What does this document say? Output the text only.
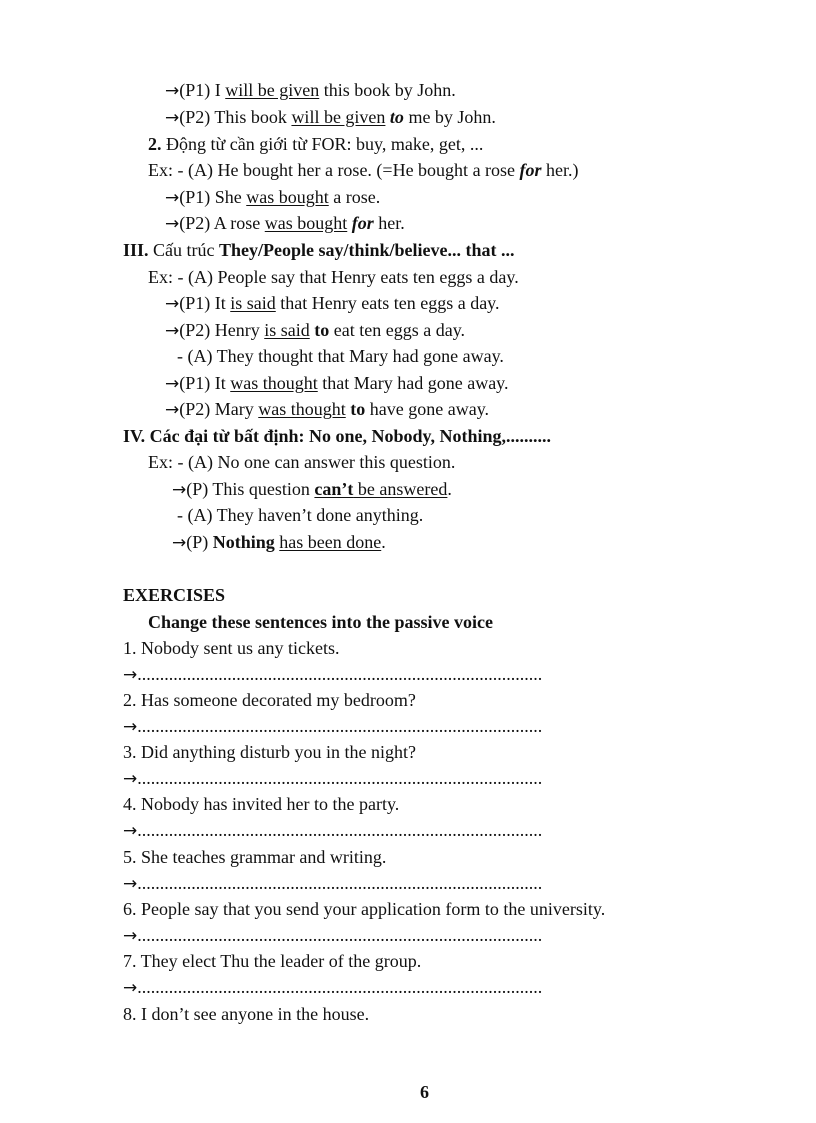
→(P1) I will be given this book by John.
→(P2) This book will be given to me by John.
2. Động từ cần giới từ FOR: buy, make, get, ...
Ex: - (A) He bought her a rose. (=He bought a rose for her.)
→(P1) She was bought a rose.
→(P2) A rose was bought for her.
III. Cấu trúc They/People say/think/believe... that ...
Ex: - (A) People say that Henry eats ten eggs a day.
→(P1) It is said that Henry eats ten eggs a day.
→(P2) Henry is said to eat ten eggs a day.
- (A) They thought that Mary had gone away.
→(P1) It was thought that Mary had gone away.
→(P2) Mary was thought to have gone away.
IV. Các đại từ bất định: No one, Nobody, Nothing,..........
Ex: - (A) No one can answer this question.
→(P) This question can’t be answered.
- (A) They haven’t done anything.
→(P) Nothing has been done.
EXERCISES
Change these sentences into the passive voice
1. Nobody sent us any tickets.
→..........................................................................................
2. Has someone decorated my bedroom?
→..........................................................................................
3. Did anything disturb you in the night?
→..........................................................................................
4. Nobody has invited her to the party.
→..........................................................................................
5. She teaches grammar and writing.
→..........................................................................................
6. People say that you send your application form to the university.
→..........................................................................................
7. They elect Thu the leader of the group.
→..........................................................................................
8. I don’t see anyone in the house.
6
